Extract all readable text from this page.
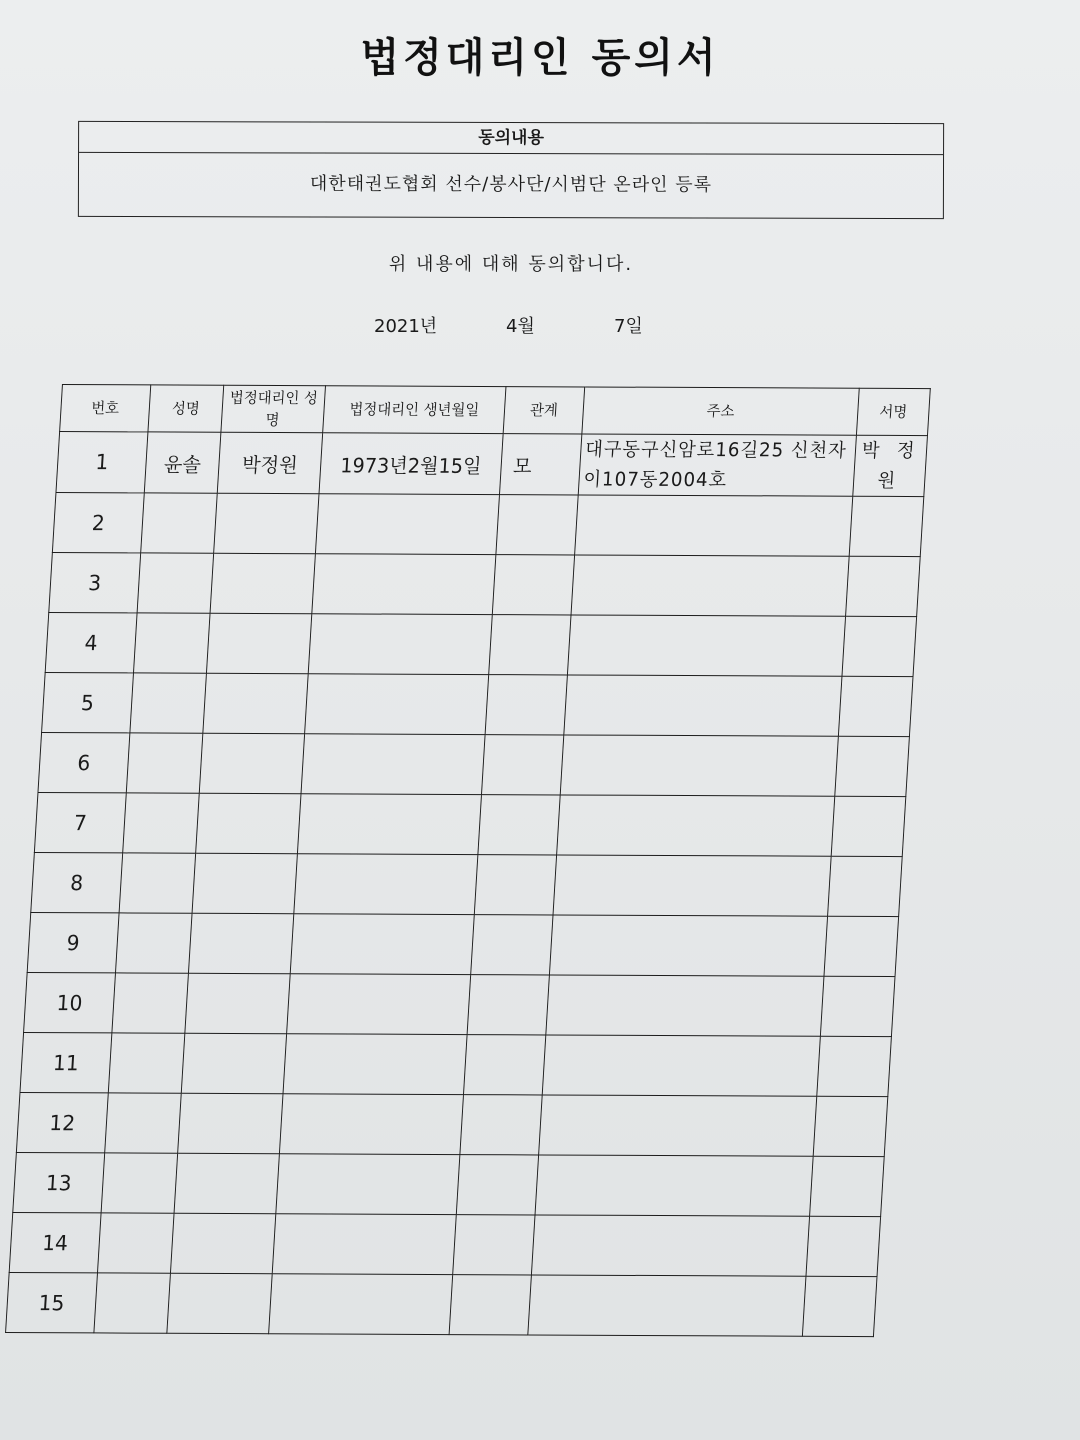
법정대리인 동의서
동의내용
대한태권도협회 선수/봉사단/시범단 온라인 등록
위 내용에 대해 동의합니다.
2021년	4월	7일
번호	성명	법정대리인 성명	법정대리인 생년월일	관계	주소	서명
1	윤솔	박정원	1973년2월15일	모	대구동구신암로16길25 신천자이107동2004호	박 정 원
2						
3						
4						
5						
6						
7						
8						
9						
10						
11						
12						
13						
14						
15						
